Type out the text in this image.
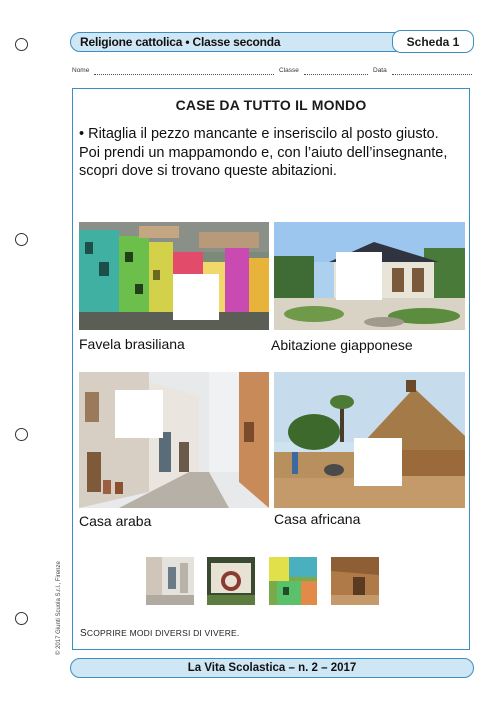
Religione cattolica • Classe seconda	Scheda 1
Nome	Classe	Data
CASE DA TUTTO IL MONDO
• Ritaglia il pezzo mancante e inseriscilo al posto giusto. Poi prendi un mappamondo e, con l’aiuto dell’insegnante, scopri dove si trovano queste abitazioni.
Favela brasiliana	Abitazione giapponese
Casa araba	Casa africana
SCOPRIRE MODI DIVERSI DI VIVERE.
© 2017 Giunti Scuola S.r.l., Firenze
La Vita Scolastica – n. 2 – 2017
